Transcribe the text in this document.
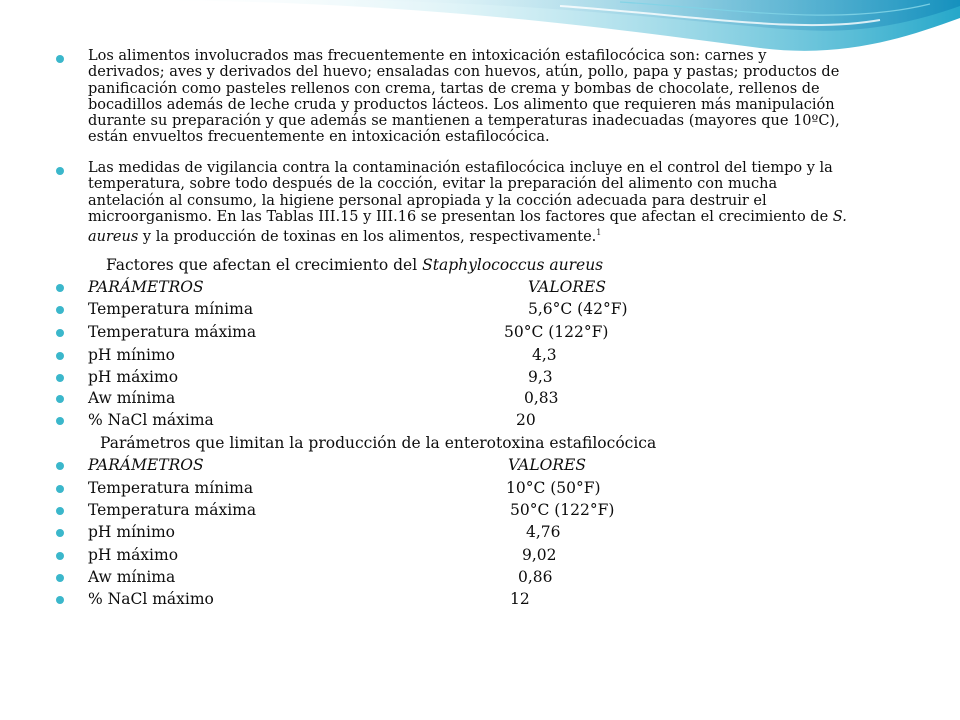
Los alimentos involucrados mas frecuentemente en intoxicación estafilocócica son: carnes y
derivados; aves y derivados del huevo; ensaladas con huevos, atún, pollo, papa y pastas; productos de
panificación como pasteles rellenos con crema, tartas de crema y bombas de chocolate, rellenos de
bocadillos además de leche cruda y productos lácteos. Los alimento que requieren más manipulación
durante su preparación y que además se mantienen a temperaturas inadecuadas (mayores que 10ºC),
están envueltos frecuentemente en intoxicación estafilocócica.
Las medidas de vigilancia contra la contaminación estafilocócica incluye en el control del tiempo y la
temperatura, sobre todo después de la cocción, evitar la preparación del alimento con mucha
antelación al consumo, la higiene personal apropiada y la cocción adecuada para destruir el
microorganismo. En las Tablas III.15 y III.16 se presentan los factores que afectan el crecimiento de S.
aureus y la producción de toxinas en los alimentos, respectivamente.$^1$
Factores que afectan el crecimiento del Staphylococcus aureus
PARÁMETROS	VALORES
Temperatura mínima	5,6°C (42°F)
Temperatura máxima	50°C (122°F)
pH mínimo	4,3
pH máximo	9,3
Aw mínima	0,83
% NaCl máxima	20
Parámetros que limitan la producción de la enterotoxina estafilocócica
PARÁMETROS	VALORES
Temperatura mínima	10°C (50°F)
Temperatura máxima	50°C (122°F)
pH mínimo	4,76
pH máximo	9,02
Aw mínima	0,86
% NaCl máximo	12
